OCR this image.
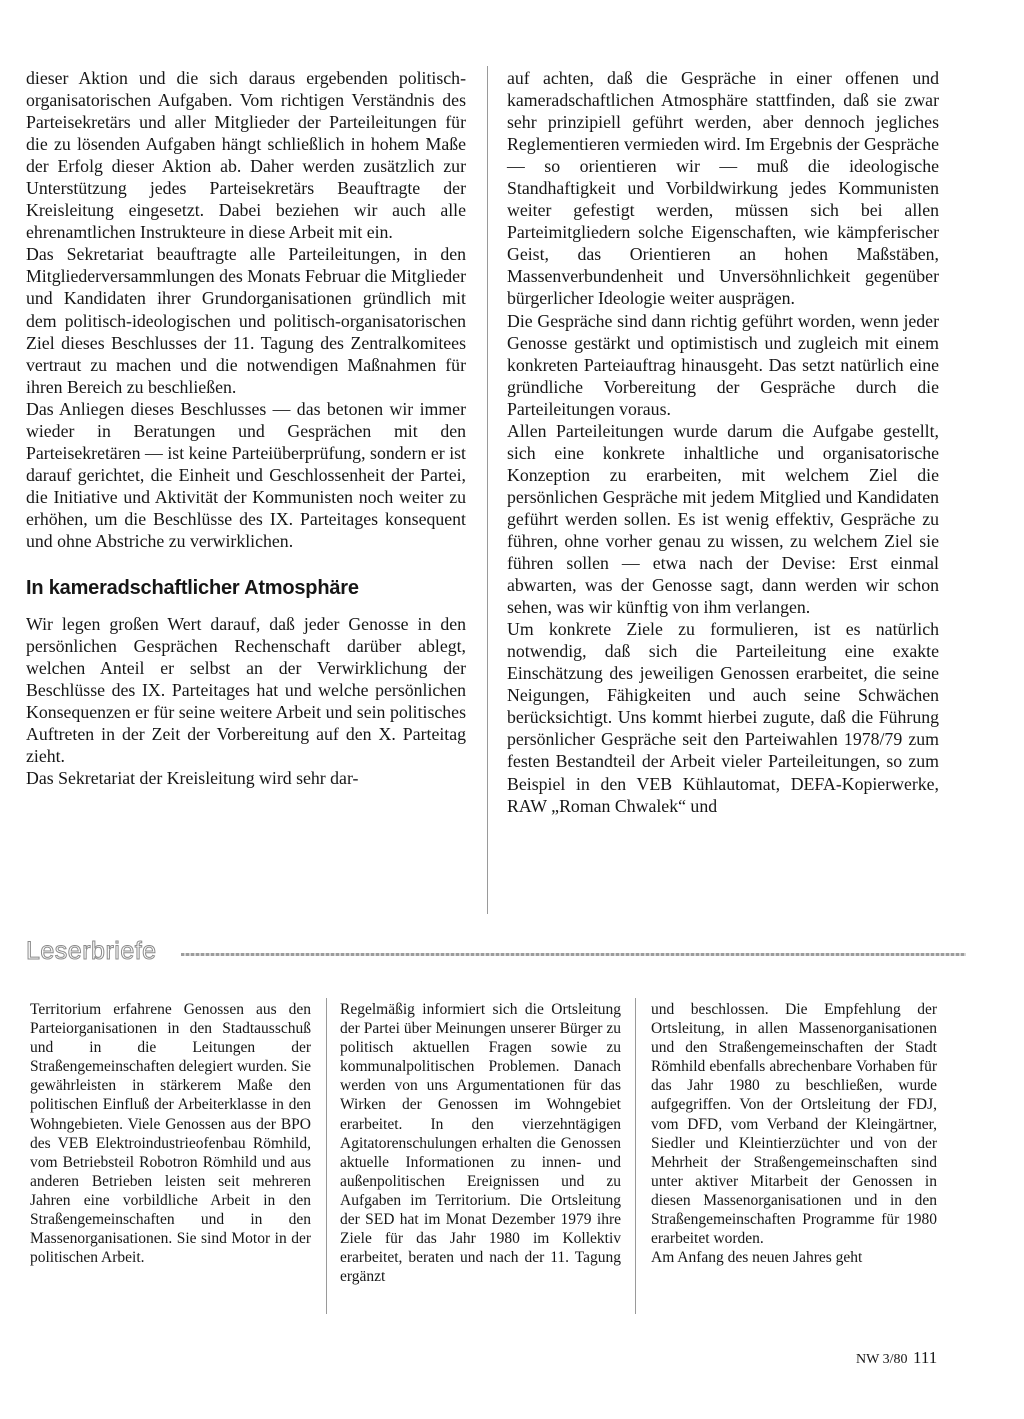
dieser Aktion und die sich daraus ergebenden politisch-organisatorischen Aufgaben. Vom richtigen Verständnis des Parteisekretärs und aller Mitglieder der Parteileitungen für die zu lösenden Aufgaben hängt schließlich in hohem Maße der Erfolg dieser Aktion ab. Daher werden zusätzlich zur Unterstützung jedes Parteisekretärs Beauftragte der Kreisleitung eingesetzt. Dabei beziehen wir auch alle ehrenamtlichen Instrukteure in diese Arbeit mit ein.

Das Sekretariat beauftragte alle Parteileitungen, in den Mitgliederversammlungen des Monats Februar die Mitglieder und Kandidaten ihrer Grundorganisationen gründlich mit dem politisch-ideologischen und politisch-organisatorischen Ziel dieses Beschlusses der 11. Tagung des Zentralkomitees vertraut zu machen und die notwendigen Maßnahmen für ihren Bereich zu beschließen.

Das Anliegen dieses Beschlusses — das betonen wir immer wieder in Beratungen und Gesprächen mit den Parteisekretären — ist keine Parteiüberprüfung, sondern er ist darauf gerichtet, die Einheit und Geschlossenheit der Partei, die Initiative und Aktivität der Kommunisten noch weiter zu erhöhen, um die Beschlüsse des IX. Parteitages konsequent und ohne Abstriche zu verwirklichen.

In kameradschaftlicher Atmosphäre

Wir legen großen Wert darauf, daß jeder Genosse in den persönlichen Gesprächen Rechenschaft darüber ablegt, welchen Anteil er selbst an der Verwirklichung der Beschlüsse des IX. Parteitages hat und welche persönlichen Konsequenzen er für seine weitere Arbeit und sein politisches Auftreten in der Zeit der Vorbereitung auf den X. Parteitag zieht.

Das Sekretariat der Kreisleitung wird sehr dar-

auf achten, daß die Gespräche in einer offenen und kameradschaftlichen Atmosphäre stattfinden, daß sie zwar sehr prinzipiell geführt werden, aber dennoch jegliches Reglementieren vermieden wird. Im Ergebnis der Gespräche — so orientieren wir — muß die ideologische Standhaftigkeit und Vorbildwirkung jedes Kommunisten weiter gefestigt werden, müssen sich bei allen Parteimitgliedern solche Eigenschaften, wie kämpferischer Geist, das Orientieren an hohen Maßstäben, Massenverbundenheit und Unversöhnlichkeit gegenüber bürgerlicher Ideologie weiter ausprägen.

Die Gespräche sind dann richtig geführt worden, wenn jeder Genosse gestärkt und optimistisch und zugleich mit einem konkreten Parteiauftrag hinausgeht. Das setzt natürlich eine gründliche Vorbereitung der Gespräche durch die Parteileitungen voraus.

Allen Parteileitungen wurde darum die Aufgabe gestellt, sich eine konkrete inhaltliche und organisatorische Konzeption zu erarbeiten, mit welchem Ziel die persönlichen Gespräche mit jedem Mitglied und Kandidaten geführt werden sollen. Es ist wenig effektiv, Gespräche zu führen, ohne vorher genau zu wissen, zu welchem Ziel sie führen sollen — etwa nach der Devise: Erst einmal abwarten, was der Genosse sagt, dann werden wir schon sehen, was wir künftig von ihm verlangen.

Um konkrete Ziele zu formulieren, ist es natürlich notwendig, daß sich die Parteileitung eine exakte Einschätzung des jeweiligen Genossen erarbeitet, die seine Neigungen, Fähigkeiten und auch seine Schwächen berücksichtigt. Uns kommt hierbei zugute, daß die Führung persönlicher Gespräche seit den Parteiwahlen 1978/79 zum festen Bestandteil der Arbeit vieler Parteileitungen, so zum Beispiel in den VEB Kühlautomat, DEFA-Kopierwerke, RAW „Roman Chwalek“ und

Leserbriefe

Territorium erfahrene Genossen aus den Parteiorganisationen in den Stadtausschuß und in die Leitungen der Straßengemeinschaften delegiert wurden. Sie gewährleisten in stärkerem Maße den politischen Einfluß der Arbeiterklasse in den Wohngebieten. Viele Genossen aus der BPO des VEB Elektroindustrieofenbau Römhild, vom Betriebsteil Robotron Römhild und aus anderen Betrieben leisten seit mehreren Jahren eine vorbildliche Arbeit in den Straßengemeinschaften und in den Massenorganisationen. Sie sind Motor in der politischen Arbeit.

Regelmäßig informiert sich die Ortsleitung der Partei über Meinungen unserer Bürger zu politisch aktuellen Fragen sowie zu kommunalpolitischen Problemen. Danach werden von uns Argumentationen für das Wirken der Genossen im Wohngebiet erarbeitet. In den vierzehntägigen Agitatorenschulungen erhalten die Genossen aktuelle Informationen zu innen- und außenpolitischen Ereignissen und zu Aufgaben im Territorium. Die Ortsleitung der SED hat im Monat Dezember 1979 ihre Ziele für das Jahr 1980 im Kollektiv erarbeitet, beraten und nach der 11. Tagung ergänzt

und beschlossen. Die Empfehlung der Ortsleitung, in allen Massenorganisationen und den Straßengemeinschaften der Stadt Römhild ebenfalls abrechenbare Vorhaben für das Jahr 1980 zu beschließen, wurde aufgegriffen. Von der Ortsleitung der FDJ, vom DFD, vom Verband der Kleingärtner, Siedler und Kleintierzüchter und von der Mehrheit der Straßengemeinschaften sind unter aktiver Mitarbeit der Genossen in diesen Massenorganisationen und in den Straßengemeinschaften Programme für 1980 erarbeitet worden.

Am Anfang des neuen Jahres geht

NW 3/80 111
